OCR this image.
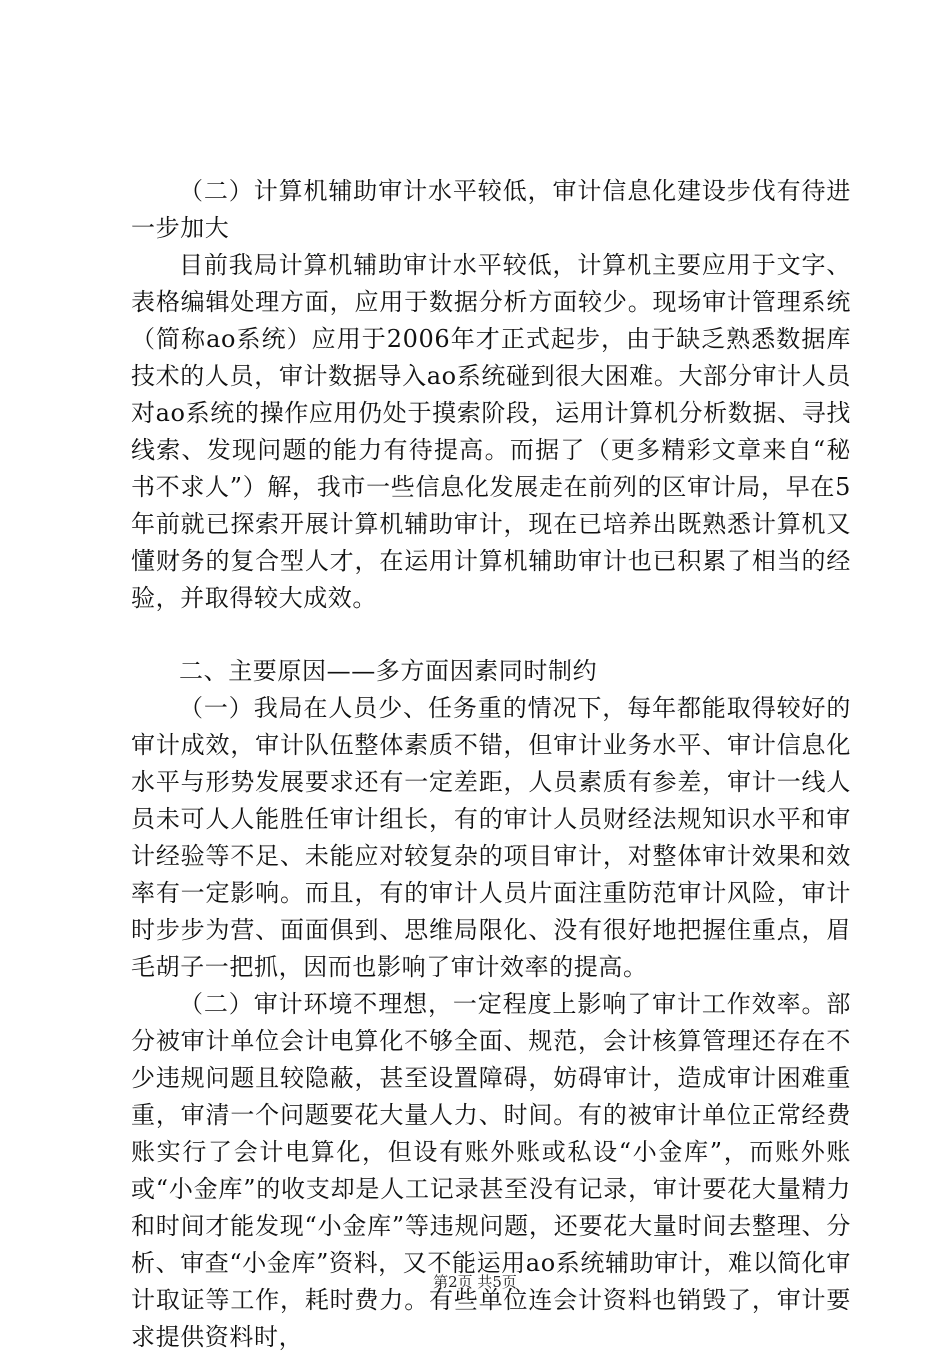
（二）计算机辅助审计水平较低，审计信息化建设步伐有待进一步加大

目前我局计算机辅助审计水平较低，计算机主要应用于文字、表格编辑处理方面，应用于数据分析方面较少。现场审计管理系统（简称ao系统）应用于2006年才正式起步，由于缺乏熟悉数据库技术的人员，审计数据导入ao系统碰到很大困难。大部分审计人员对ao系统的操作应用仍处于摸索阶段，运用计算机分析数据、寻找线索、发现问题的能力有待提高。而据了（更多精彩文章来自“秘书不求人”）解，我市一些信息化发展走在前列的区审计局，早在5年前就已探索开展计算机辅助审计，现在已培养出既熟悉计算机又懂财务的复合型人才，在运用计算机辅助审计也已积累了相当的经验，并取得较大成效。

二、主要原因——多方面因素同时制约

（一）我局在人员少、任务重的情况下，每年都能取得较好的审计成效，审计队伍整体素质不错，但审计业务水平、审计信息化水平与形势发展要求还有一定差距，人员素质有参差，审计一线人员未可人人能胜任审计组长，有的审计人员财经法规知识水平和审计经验等不足、未能应对较复杂的项目审计，对整体审计效果和效率有一定影响。而且，有的审计人员片面注重防范审计风险，审计时步步为营、面面俱到、思维局限化、没有很好地把握住重点，眉毛胡子一把抓，因而也影响了审计效率的提高。

（二）审计环境不理想，一定程度上影响了审计工作效率。部分被审计单位会计电算化不够全面、规范，会计核算管理还存在不少违规问题且较隐蔽，甚至设置障碍，妨碍审计，造成审计困难重重，审清一个问题要花大量人力、时间。有的被审计单位正常经费账实行了会计电算化，但设有账外账或私设“小金库”，而账外账或“小金库”的收支却是人工记录甚至没有记录，审计要花大量精力和时间才能发现“小金库”等违规问题，还要花大量时间去整理、分析、审查“小金库”资料，又不能运用ao系统辅助审计，难以简化审计取证等工作，耗时费力。有些单位连会计资料也销毁了，审计要求提供资料时，

第2页 共5页
